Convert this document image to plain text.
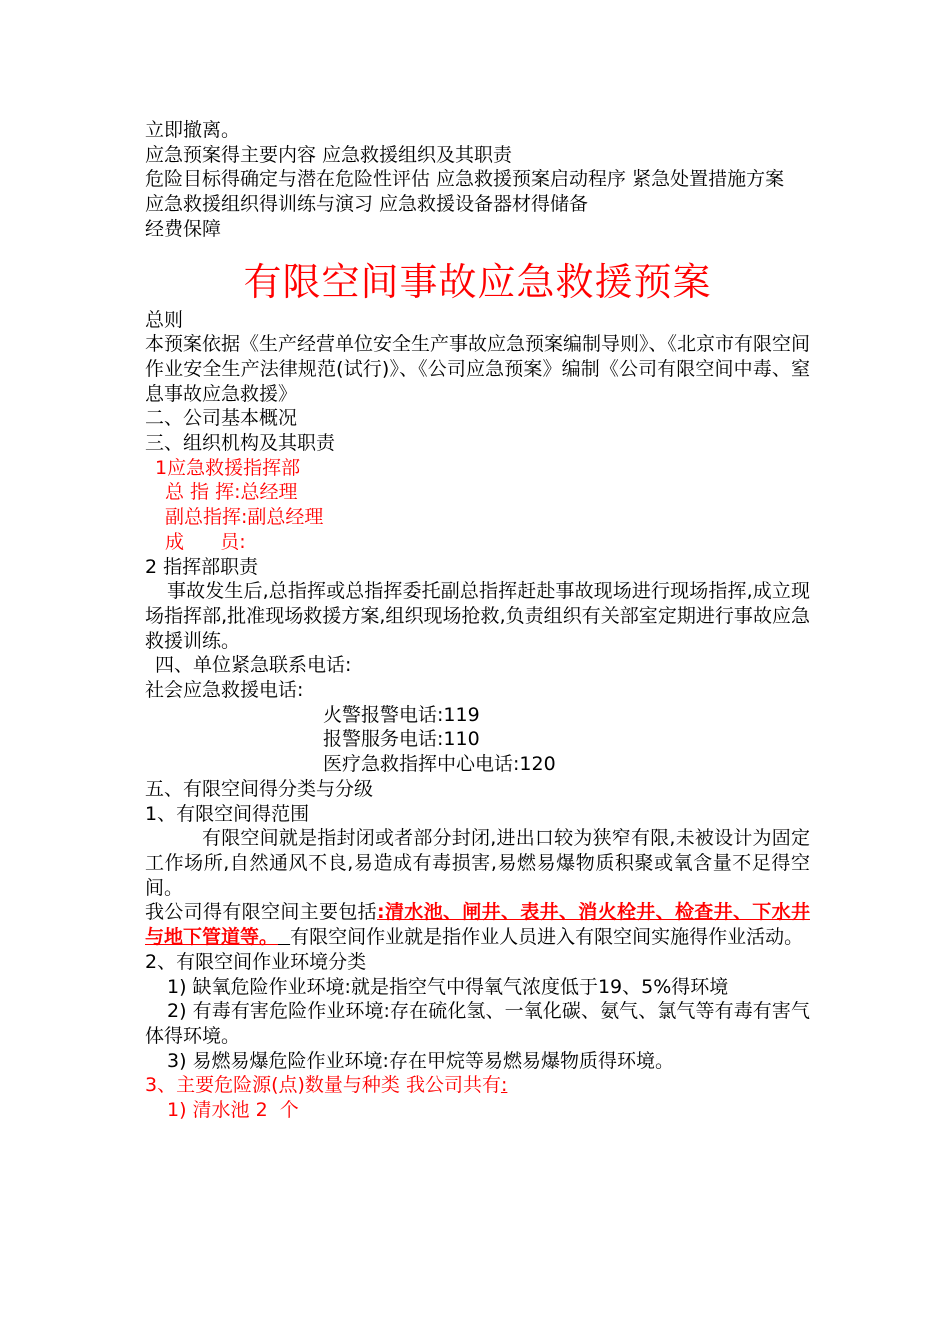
立即撤离。
应急预案得主要内容 应急救援组织及其职责
危险目标得确定与潜在危险性评估 应急救援预案启动程序 紧急处置措施方案
应急救援组织得训练与演习 应急救援设备器材得储备
经费保障
有限空间事故应急救援预案
总则
本预案依据《生产经营单位安全生产事故应急预案编制导则》、《北京市有限空间作业安全生产法律规范(试行)》、《公司应急预案》编制《公司有限空间中毒、窒息事故应急救援》
二、公司基本概况
三、组织机构及其职责
1应急救援指挥部
总 指 挥:总经理
副总指挥:副总经理
成      员:
2 指挥部职责
事故发生后,总指挥或总指挥委托副总指挥赶赴事故现场进行现场指挥,成立现场指挥部,批准现场救援方案,组织现场抢救,负责组织有关部室定期进行事故应急救援训练。
四、单位紧急联系电话:
社会应急救援电话:
火警报警电话:119
报警服务电话:110
医疗急救指挥中心电话:120
五、有限空间得分类与分级
1、有限空间得范围
有限空间就是指封闭或者部分封闭,进出口较为狭窄有限,未被设计为固定工作场所,自然通风不良,易造成有毒损害,易燃易爆物质积聚或氧含量不足得空间。
我公司得有限空间主要包括:清水池、闸井、表井、消火栓井、检查井、下水井与地下管道等。 有限空间作业就是指作业人员进入有限空间实施得作业活动。
2、有限空间作业环境分类
1) 缺氧危险作业环境:就是指空气中得氧气浓度低于19、5%得环境
2) 有毒有害危险作业环境:存在硫化氢、一氧化碳、氨气、氯气等有毒有害气体得环境。
3) 易燃易爆危险作业环境:存在甲烷等易燃易爆物质得环境。
3、主要危险源(点)数量与种类 我公司共有:
1) 清水池 2  个
